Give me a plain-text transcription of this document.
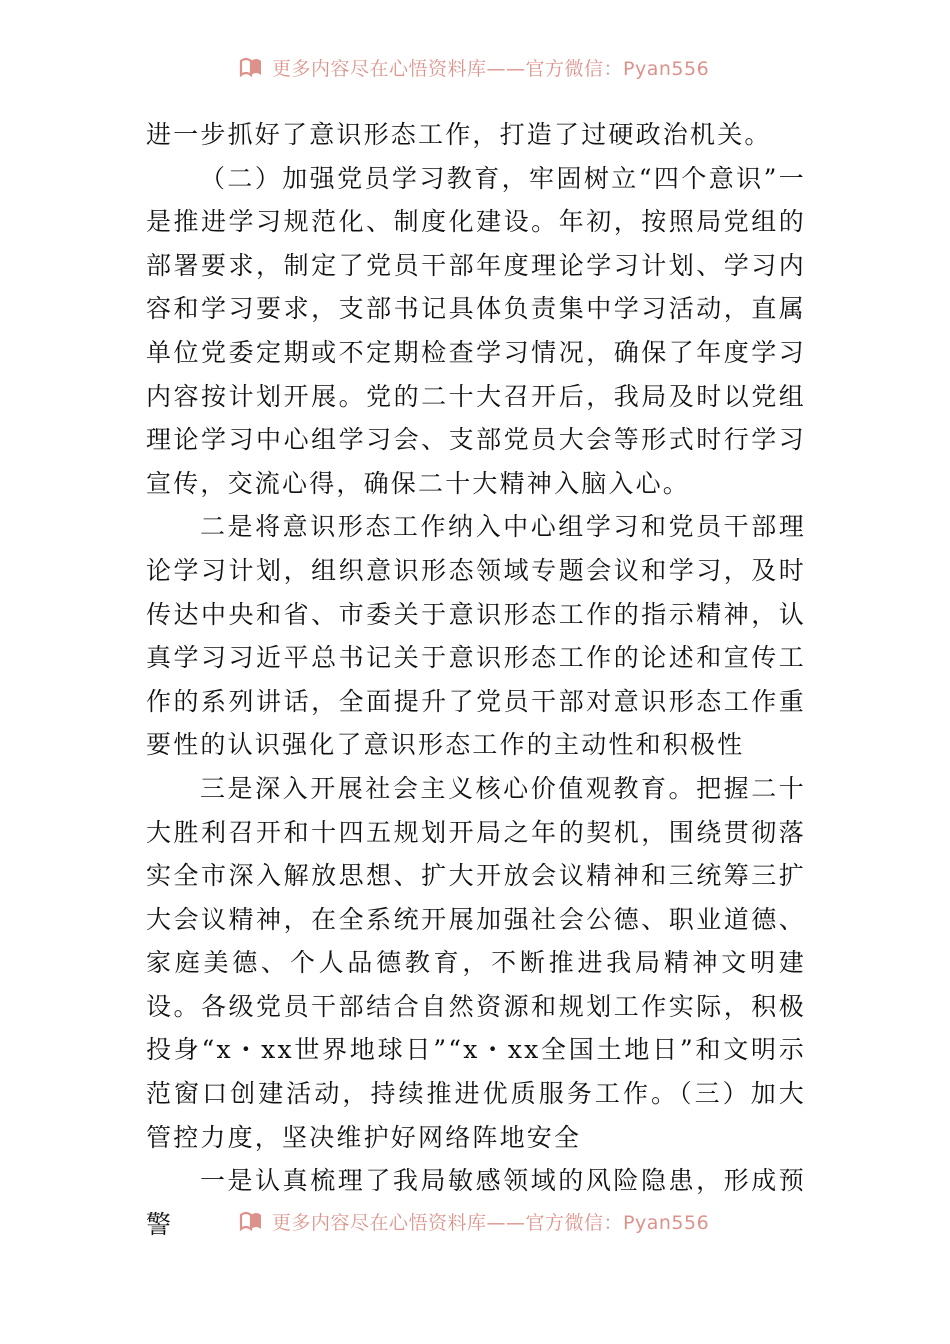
更多内容尽在心悟资料库——官方微信：Pyan556

进一步抓好了意识形态工作，打造了过硬政治机关。

（二）加强党员学习教育，牢固树立“四个意识”一是推进学习规范化、制度化建设。年初，按照局党组的部署要求，制定了党员干部年度理论学习计划、学习内容和学习要求，支部书记具体负责集中学习活动，直属单位党委定期或不定期检查学习情况，确保了年度学习内容按计划开展。党的二十大召开后，我局及时以党组理论学习中心组学习会、支部党员大会等形式时行学习宣传，交流心得，确保二十大精神入脑入心。

二是将意识形态工作纳入中心组学习和党员干部理论学习计划，组织意识形态领域专题会议和学习，及时传达中央和省、市委关于意识形态工作的指示精神，认真学习习近平总书记关于意识形态工作的论述和宣传工作的系列讲话，全面提升了党员干部对意识形态工作重要性的认识强化了意识形态工作的主动性和积极性

三是深入开展社会主义核心价值观教育。把握二十大胜利召开和十四五规划开局之年的契机，围绕贯彻落实全市深入解放思想、扩大开放会议精神和三统筹三扩大会议精神，在全系统开展加强社会公德、职业道德、家庭美德、个人品德教育，不断推进我局精神文明建设。各级党员干部结合自然资源和规划工作实际，积极投身“x・xx世界地球日”“x・xx全国土地日”和文明示范窗口创建活动，持续推进优质服务工作。（三）加大管控力度，坚决维护好网络阵地安全

一是认真梳理了我局敏感领域的风险隐患，形成预警	更多内容尽在心悟资料库——官方微信：Pyan556
